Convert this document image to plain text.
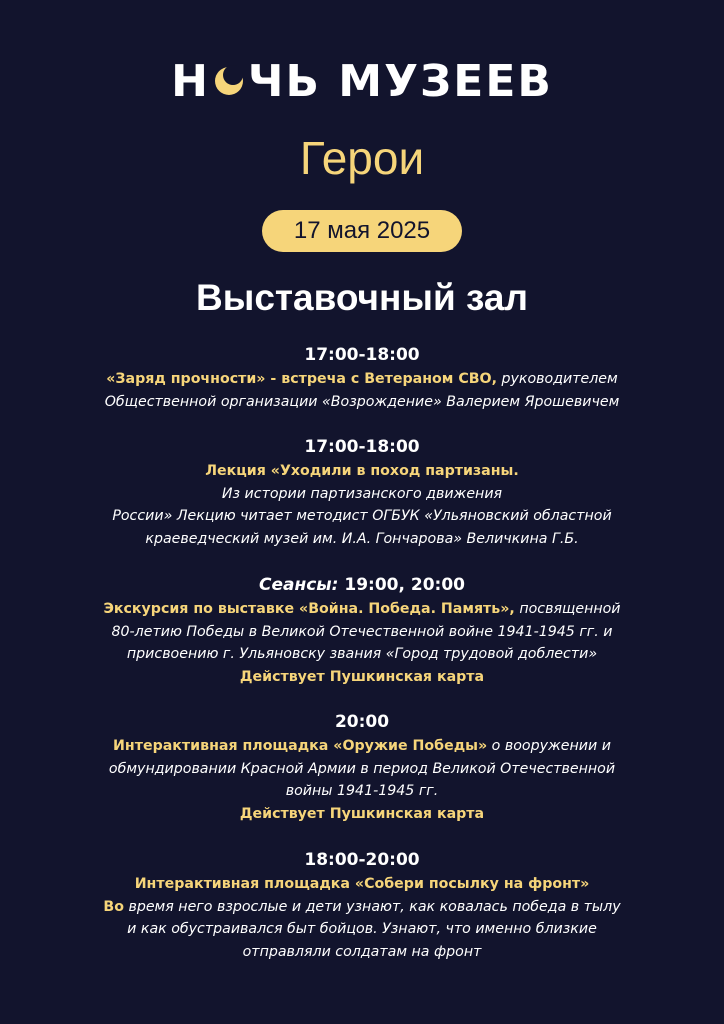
Н ЧЬ МУЗЕЕВ
Герои
17 мая 2025
Выставочный зал
17:00-18:00
«Заряд прочности» - встреча с Ветераном СВО, руководителем
Общественной организации «Возрождение» Валерием Ярошевичем
17:00-18:00
Лекция «Уходили в поход партизаны.
Из истории партизанского движения
России» Лекцию читает методист ОГБУК «Ульяновский областной
краеведческий музей им. И.А. Гончарова» Величкина Г.Б.
Сеансы: 19:00, 20:00
Экскурсия по выставке «Война. Победа. Память», посвященной
80-летию Победы в Великой Отечественной войне 1941-1945 гг. и
присвоению г. Ульяновску звания «Город трудовой доблести»
Действует Пушкинская карта
20:00
Интерактивная площадка «Оружие Победы» о вооружении и
обмундировании Красной Армии в период Великой Отечественной
войны 1941-1945 гг.
Действует Пушкинская карта
18:00-20:00
Интерактивная площадка «Собери посылку на фронт»
Во время него взрослые и дети узнают, как ковалась победа в тылу
и как обустраивался быт бойцов. Узнают, что именно близкие
отправляли солдатам на фронт
